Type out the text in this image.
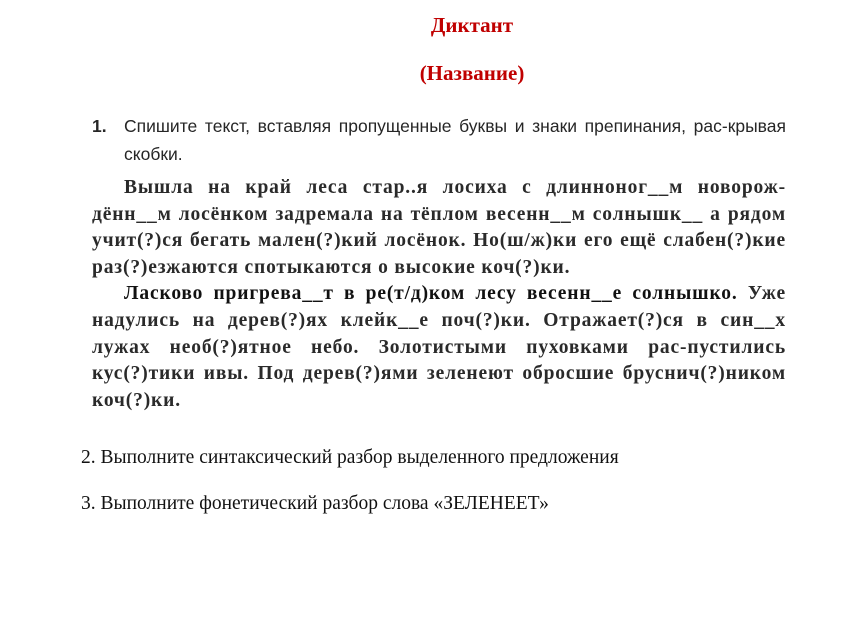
Диктант
(Название)
1. Спишите текст, вставляя пропущенные буквы и знаки препинания, рас-крывая скобки.

Вышла на край леса стар..я лосиха с длинноног__м новорож-дённ__м лосёнком задремала на тёплом весенн__м солнышк__ а рядом учит(?)ся бегать мален(?)кий лосёнок. Но(ш/ж)ки его ещё слабен(?)кие раз(?)езжаются спотыкаются о высокие коч(?)ки.

Ласково пригрева__т в ре(т/д)ком лесу весенн__е солнышко. Уже надулись на дерев(?)ях клейк__е поч(?)ки. Отражает(?)ся в син__х лужах необ(?)ятное небо. Золотистыми пуховками рас-пустились кус(?)тики ивы. Под дерев(?)ями зеленеют обросшие бруснич(?)ником коч(?)ки.

2. Выполните синтаксический разбор выделенного предложения

3. Выполните фонетический разбор слова «ЗЕЛЕНЕЕТ»
